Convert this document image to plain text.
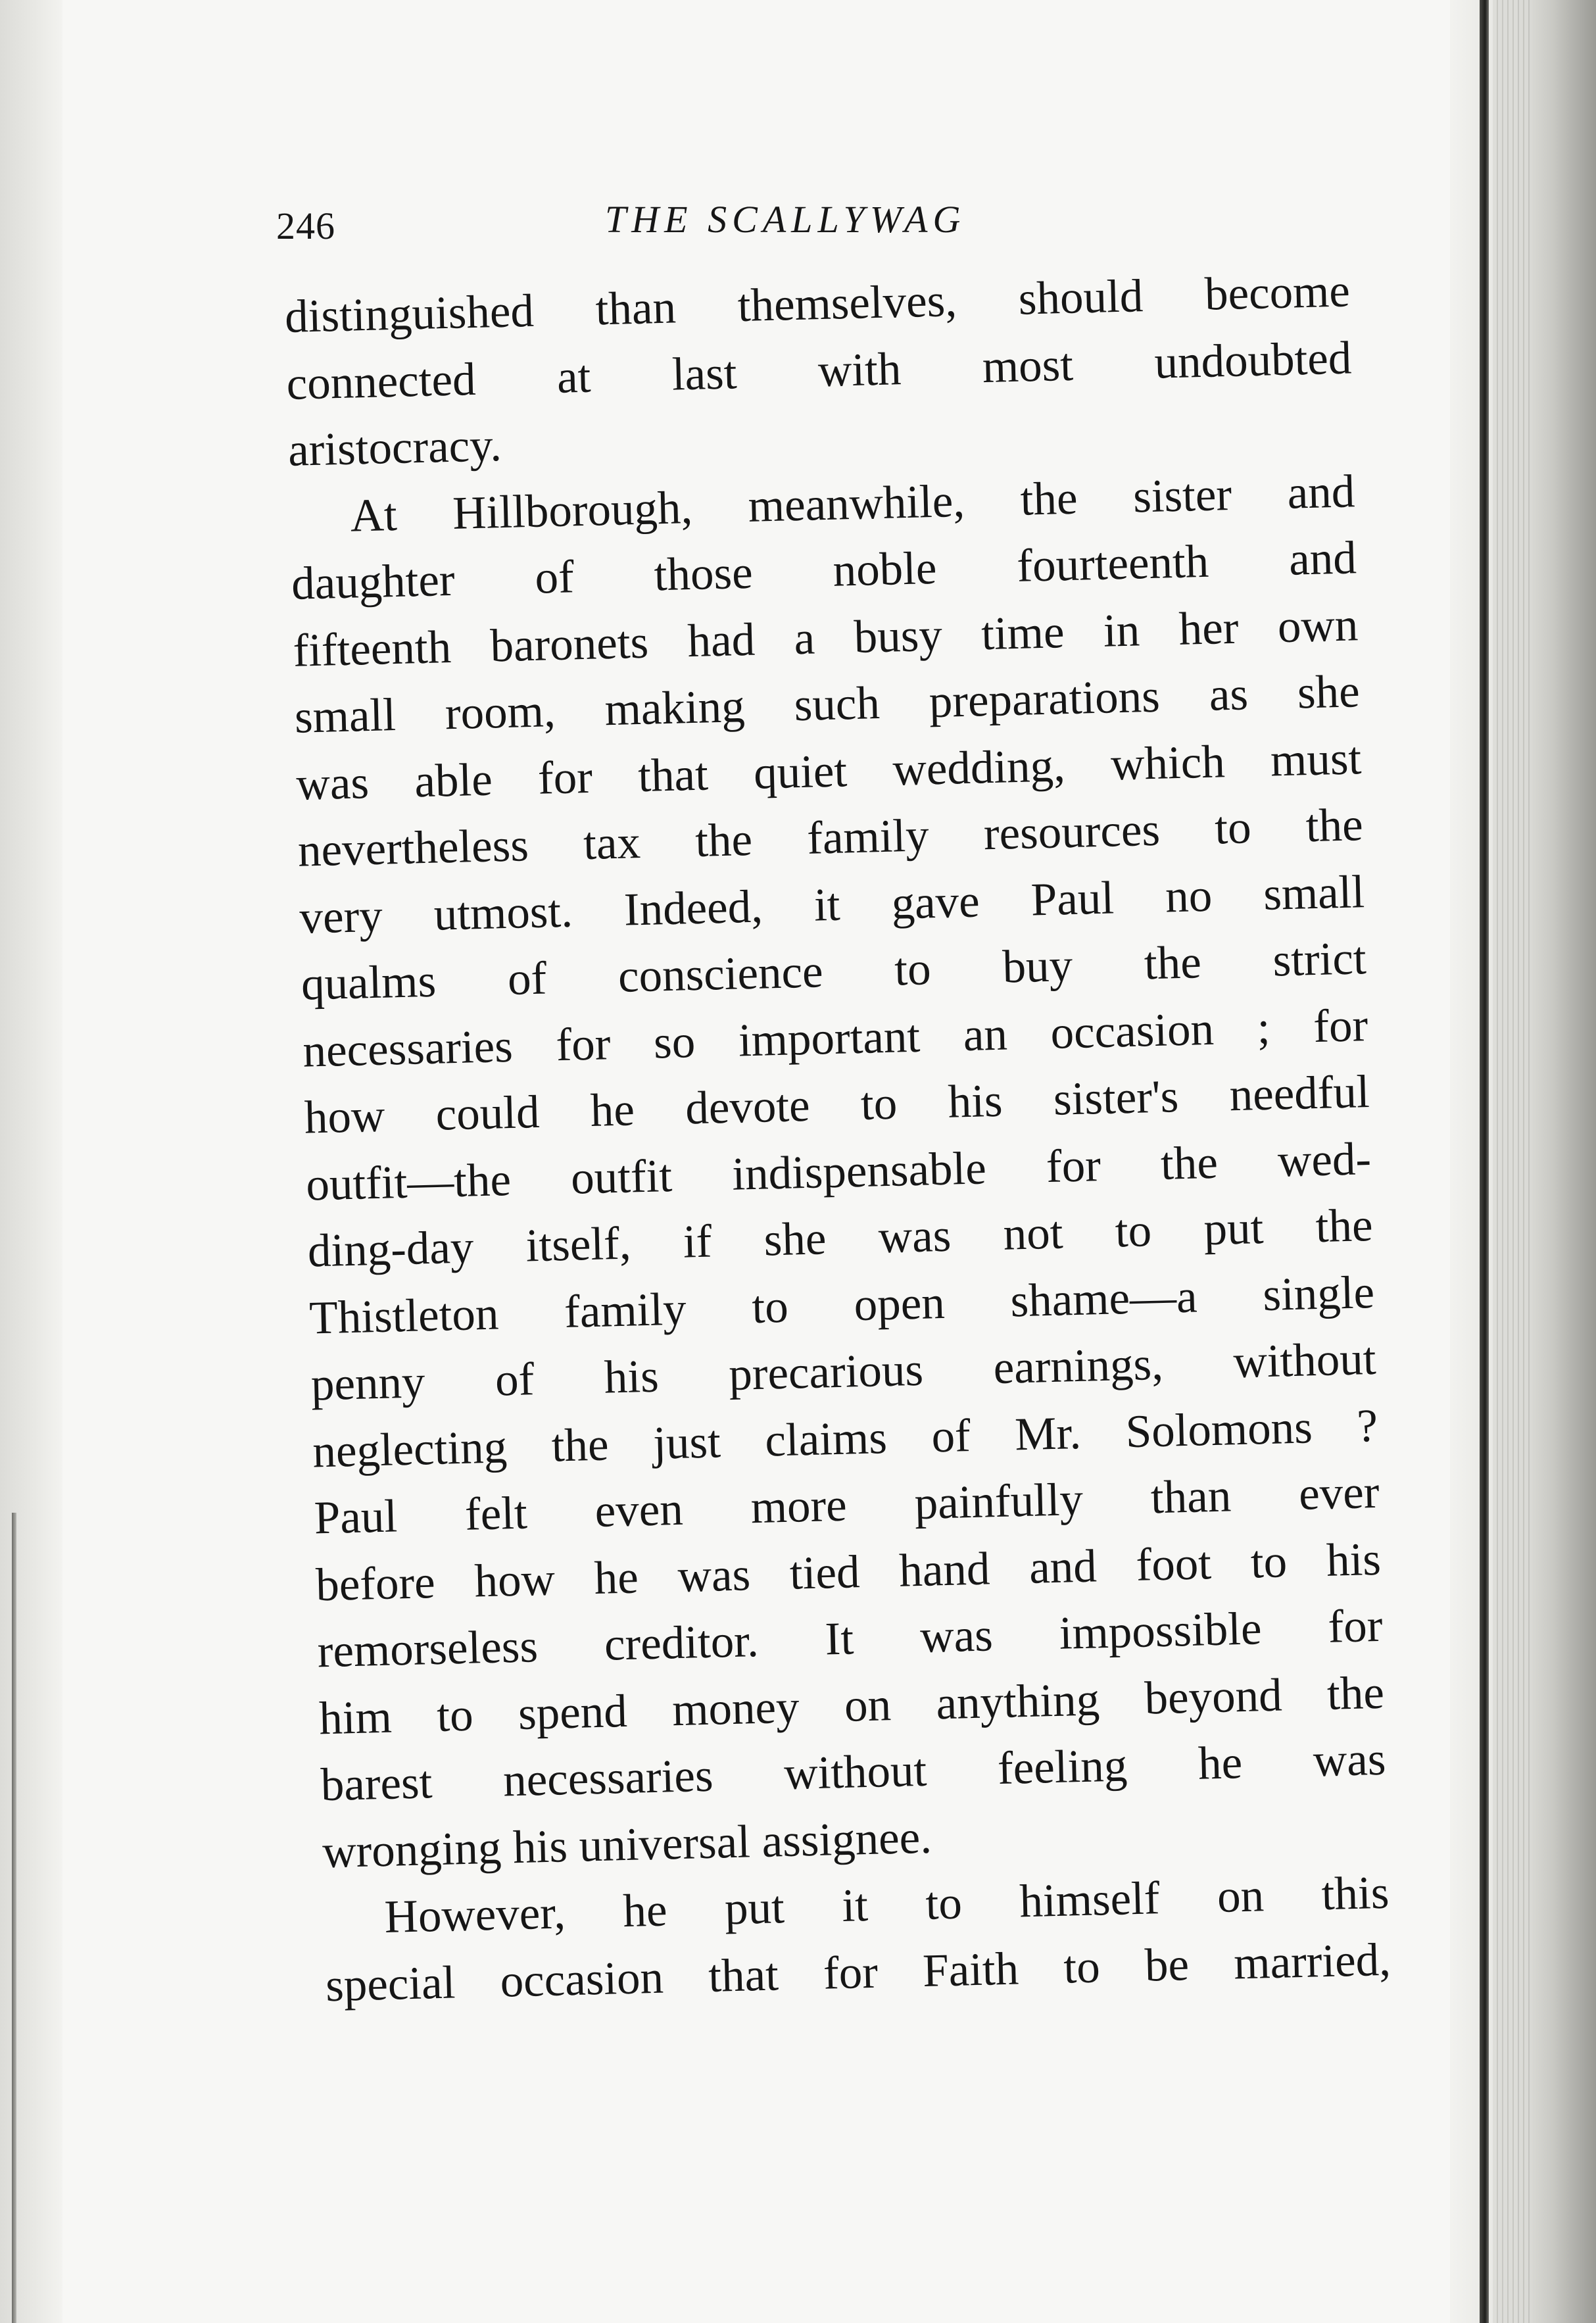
246	THE SCALLYWAG
distinguished than themselves, should become
connected at last with most undoubted
aristocracy.
At Hillborough, meanwhile, the sister and
daughter of those noble fourteenth and
fifteenth baronets had a busy time in her own
small room, making such preparations as she
was able for that quiet wedding, which must
nevertheless tax the family resources to the
very utmost. Indeed, it gave Paul no small
qualms of conscience to buy the strict
necessaries for so important an occasion ; for
how could he devote to his sister's needful
outfit—the outfit indispensable for the wed-
ding-day itself, if she was not to put the
Thistleton family to open shame—a single
penny of his precarious earnings, without
neglecting the just claims of Mr. Solomons ?
Paul felt even more painfully than ever
before how he was tied hand and foot to his
remorseless creditor. It was impossible for
him to spend money on anything beyond the
barest necessaries without feeling he was
wronging his universal assignee.
However, he put it to himself on this
special occasion that for Faith to be married,
